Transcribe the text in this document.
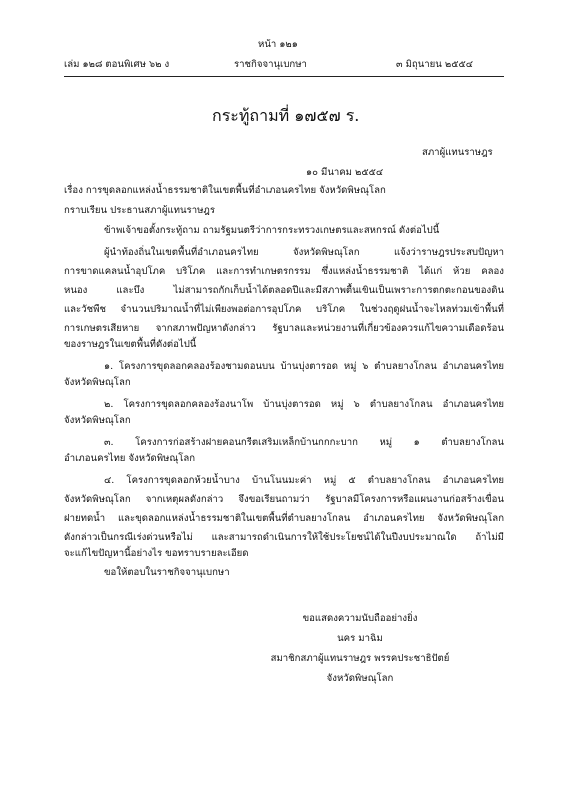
หน้า ๑๒๑
เล่ม ๑๒๘ ตอนพิเศษ ๖๒ ง	ราชกิจจานุเบกษา	๓ มิถุนายน ๒๕๕๔
กระทู้ถามที่ ๑๗๕๗ ร.
สภาผู้แทนราษฎร
๑๐ มีนาคม ๒๕๕๔
เรื่อง การขุดลอกแหล่งน้ำธรรมชาติในเขตพื้นที่อำเภอนครไทย จังหวัดพิษณุโลก
กราบเรียน ประธานสภาผู้แทนราษฎร
ข้าพเจ้าขอตั้งกระทู้ถาม ถามรัฐมนตรีว่าการกระทรวงเกษตรและสหกรณ์ ดังต่อไปนี้
ผู้นำท้องถิ่นในเขตพื้นที่อำเภอนครไทย จังหวัดพิษณุโลก แจ้งว่าราษฎรประสบปัญหา
การขาดแคลนน้ำอุปโภค บริโภค และการทำเกษตรกรรม ซึ่งแหล่งน้ำธรรมชาติ ได้แก่ ห้วย คลอง
หนอง และบึง ไม่สามารถกักเก็บน้ำได้ตลอดปีและมีสภาพตื้นเขินเป็นเพราะการตกตะกอนของดิน
และวัชพืช จำนวนปริมาณน้ำที่ไม่เพียงพอต่อการอุปโภค บริโภค ในช่วงฤดูฝนน้ำจะไหลท่วมเข้าพื้นที่
การเกษตรเสียหาย จากสภาพปัญหาดังกล่าว รัฐบาลและหน่วยงานที่เกี่ยวข้องควรแก้ไขความเดือดร้อน
ของราษฎรในเขตพื้นที่ดังต่อไปนี้
๑. โครงการขุดลอกคลองร้องชามดอนบน บ้านบุ่งตารอด หมู่ ๖ ตำบลยางโกลน อำเภอนครไทย
จังหวัดพิษณุโลก
๒. โครงการขุดลอกคลองร้องนาโพ บ้านบุ่งตารอด หมู่ ๖ ตำบลยางโกลน อำเภอนครไทย
จังหวัดพิษณุโลก
๓. โครงการก่อสร้างฝายคอนกรีตเสริมเหล็กบ้านกกกะบาก หมู่ ๑ ตำบลยางโกลน
อำเภอนครไทย จังหวัดพิษณุโลก
๔. โครงการขุดลอกห้วยน้ำบาง บ้านโนนมะค่า หมู่ ๕ ตำบลยางโกลน อำเภอนครไทย
จังหวัดพิษณุโลก จากเหตุผลดังกล่าว จึงขอเรียนถามว่า รัฐบาลมีโครงการหรือแผนงานก่อสร้างเขื่อน
ฝายทดน้ำ และขุดลอกแหล่งน้ำธรรมชาติในเขตพื้นที่ตำบลยางโกลน อำเภอนครไทย จังหวัดพิษณุโลก
ดังกล่าวเป็นกรณีเร่งด่วนหรือไม่ และสามารถดำเนินการให้ใช้ประโยชน์ได้ในปีงบประมาณใด ถ้าไม่มี
จะแก้ไขปัญหานี้อย่างไร ขอทราบรายละเอียด
ขอให้ตอบในราชกิจจานุเบกษา
ขอแสดงความนับถืออย่างยิ่ง
นคร มาฉิม
สมาชิกสภาผู้แทนราษฎร พรรคประชาธิปัตย์
จังหวัดพิษณุโลก
